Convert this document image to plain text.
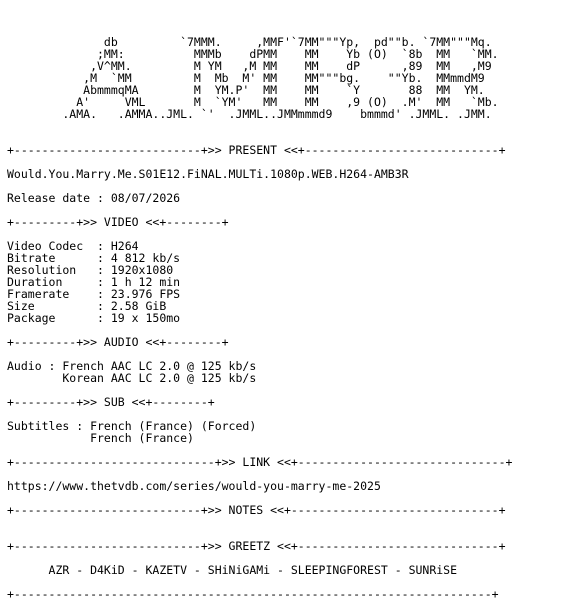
db         `7MMM.     ,MMF'`7MM"""Yp,  pd""b. `7MM"""Mq.
;MM:          MMMb    dPMM    MM    Yb (O)  `8b  MM   `MM.
,V^MM.         M YM   ,M MM    MM    dP      ,89  MM   ,M9
,M  `MM         M  Mb  M' MM    MM"""bg.    ""Yb.  MMmmdM9
AbmmmqMA        M  YM.P'  MM    MM    `Y       88  MM  YM.
A'     VML       M  `YM'   MM    MM    ,9 (O)  .M'  MM   `Mb.
.AMA.   .AMMA..JML. `'  .JMML..JMMmmmd9    bmmmd' .JMML. .JMM.
+---------------------------+>> PRESENT <<+----------------------------+
Would.You.Marry.Me.S01E12.FiNAL.MULTi.1080p.WEB.H264-AMB3R
Release date : 08/07/2026
+---------+>> VIDEO <<+--------+
Video Codec  : H264
Bitrate      : 4 812 kb/s
Resolution   : 1920x1080
Duration     : 1 h 12 min
Framerate    : 23.976 FPS
Size         : 2.58 GiB
Package      : 19 x 150mo
+---------+>> AUDIO <<+--------+
Audio : French AAC LC 2.0 @ 125 kb/s
Korean AAC LC 2.0 @ 125 kb/s
+---------+>> SUB <<+--------+
Subtitles : French (France) (Forced)
French (France)
+-----------------------------+>> LINK <<+------------------------------+
https://www.thetvdb.com/series/would-you-marry-me-2025
+---------------------------+>> NOTES <<+------------------------------+
+---------------------------+>> GREETZ <<+-----------------------------+
AZR - D4KiD - KAZETV - SHiNiGAMi - SLEEPINGFOREST - SUNRiSE
+---------------------------------------------------------------------+
